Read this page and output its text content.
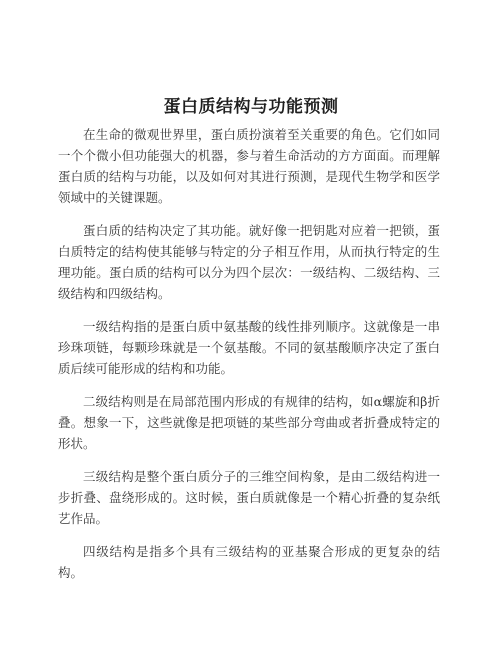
蛋白质结构与功能预测

在生命的微观世界里，蛋白质扮演着至关重要的角色。它们如同一个个微小但功能强大的机器，参与着生命活动的方方面面。而理解蛋白质的结构与功能，以及如何对其进行预测，是现代生物学和医学领域中的关键课题。

蛋白质的结构决定了其功能。就好像一把钥匙对应着一把锁，蛋白质特定的结构使其能够与特定的分子相互作用，从而执行特定的生理功能。蛋白质的结构可以分为四个层次：一级结构、二级结构、三级结构和四级结构。

一级结构指的是蛋白质中氨基酸的线性排列顺序。这就像是一串珍珠项链，每颗珍珠就是一个氨基酸。不同的氨基酸顺序决定了蛋白质后续可能形成的结构和功能。

二级结构则是在局部范围内形成的有规律的结构，如α螺旋和β折叠。想象一下，这些就像是把项链的某些部分弯曲或者折叠成特定的形状。

三级结构是整个蛋白质分子的三维空间构象，是由二级结构进一步折叠、盘绕形成的。这时候，蛋白质就像是一个精心折叠的复杂纸艺作品。

四级结构是指多个具有三级结构的亚基聚合形成的更复杂的结构。
